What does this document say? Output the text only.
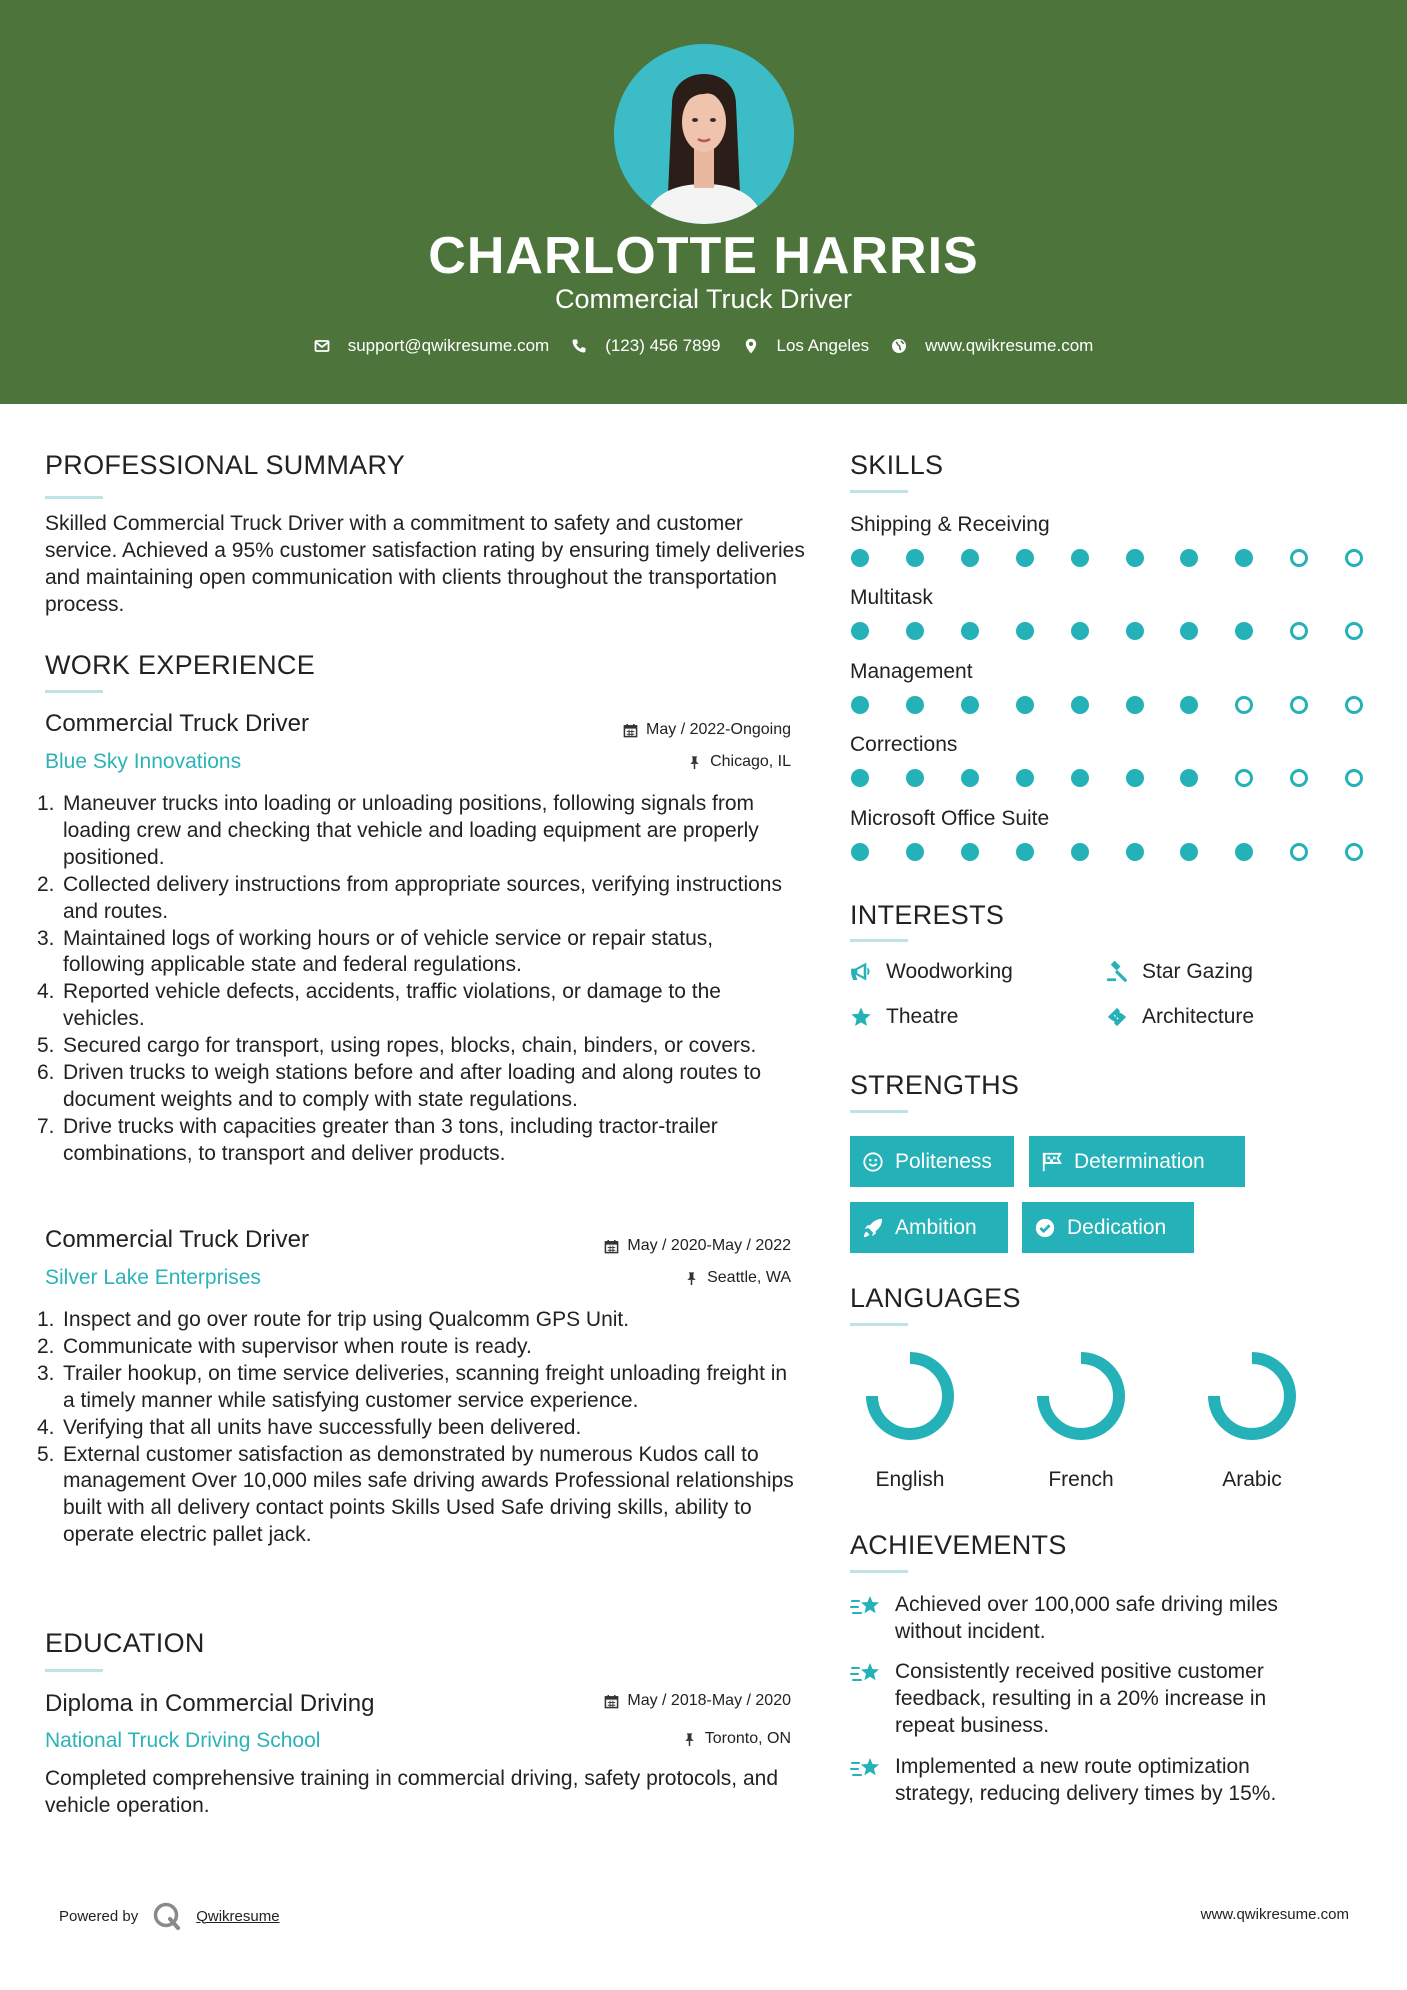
CHARLOTTE HARRIS
Commercial Truck Driver
support@qwikresume.com	(123) 456 7899	Los Angeles	www.qwikresume.com
PROFESSIONAL SUMMARY
Skilled Commercial Truck Driver with a commitment to safety and customer service. Achieved a 95% customer satisfaction rating by ensuring timely deliveries and maintaining open communication with clients throughout the transportation process.
WORK EXPERIENCE
Commercial Truck Driver	May / 2022-Ongoing
Blue Sky Innovations	Chicago, IL
1. Maneuver trucks into loading or unloading positions, following signals from loading crew and checking that vehicle and loading equipment are properly positioned.
2. Collected delivery instructions from appropriate sources, verifying instructions and routes.
3. Maintained logs of working hours or of vehicle service or repair status, following applicable state and federal regulations.
4. Reported vehicle defects, accidents, traffic violations, or damage to the vehicles.
5. Secured cargo for transport, using ropes, blocks, chain, binders, or covers.
6. Driven trucks to weigh stations before and after loading and along routes to document weights and to comply with state regulations.
7. Drive trucks with capacities greater than 3 tons, including tractor-trailer combinations, to transport and deliver products.
Commercial Truck Driver	May / 2020-May / 2022
Silver Lake Enterprises	Seattle, WA
1. Inspect and go over route for trip using Qualcomm GPS Unit.
2. Communicate with supervisor when route is ready.
3. Trailer hookup, on time service deliveries, scanning freight unloading freight in a timely manner while satisfying customer service experience.
4. Verifying that all units have successfully been delivered.
5. External customer satisfaction as demonstrated by numerous Kudos call to management Over 10,000 miles safe driving awards Professional relationships built with all delivery contact points Skills Used Safe driving skills, ability to operate electric pallet jack.
EDUCATION
Diploma in Commercial Driving	May / 2018-May / 2020
National Truck Driving School	Toronto, ON
Completed comprehensive training in commercial driving, safety protocols, and vehicle operation.
SKILLS
Shipping & Receiving
Multitask
Management
Corrections
Microsoft Office Suite
INTERESTS
Woodworking	Star Gazing
Theatre	Architecture
STRENGTHS
Politeness	Determination
Ambition	Dedication
LANGUAGES
English	French	Arabic
ACHIEVEMENTS
Achieved over 100,000 safe driving miles without incident.
Consistently received positive customer feedback, resulting in a 20% increase in repeat business.
Implemented a new route optimization strategy, reducing delivery times by 15%.
Powered by	Qwikresume	www.qwikresume.com
